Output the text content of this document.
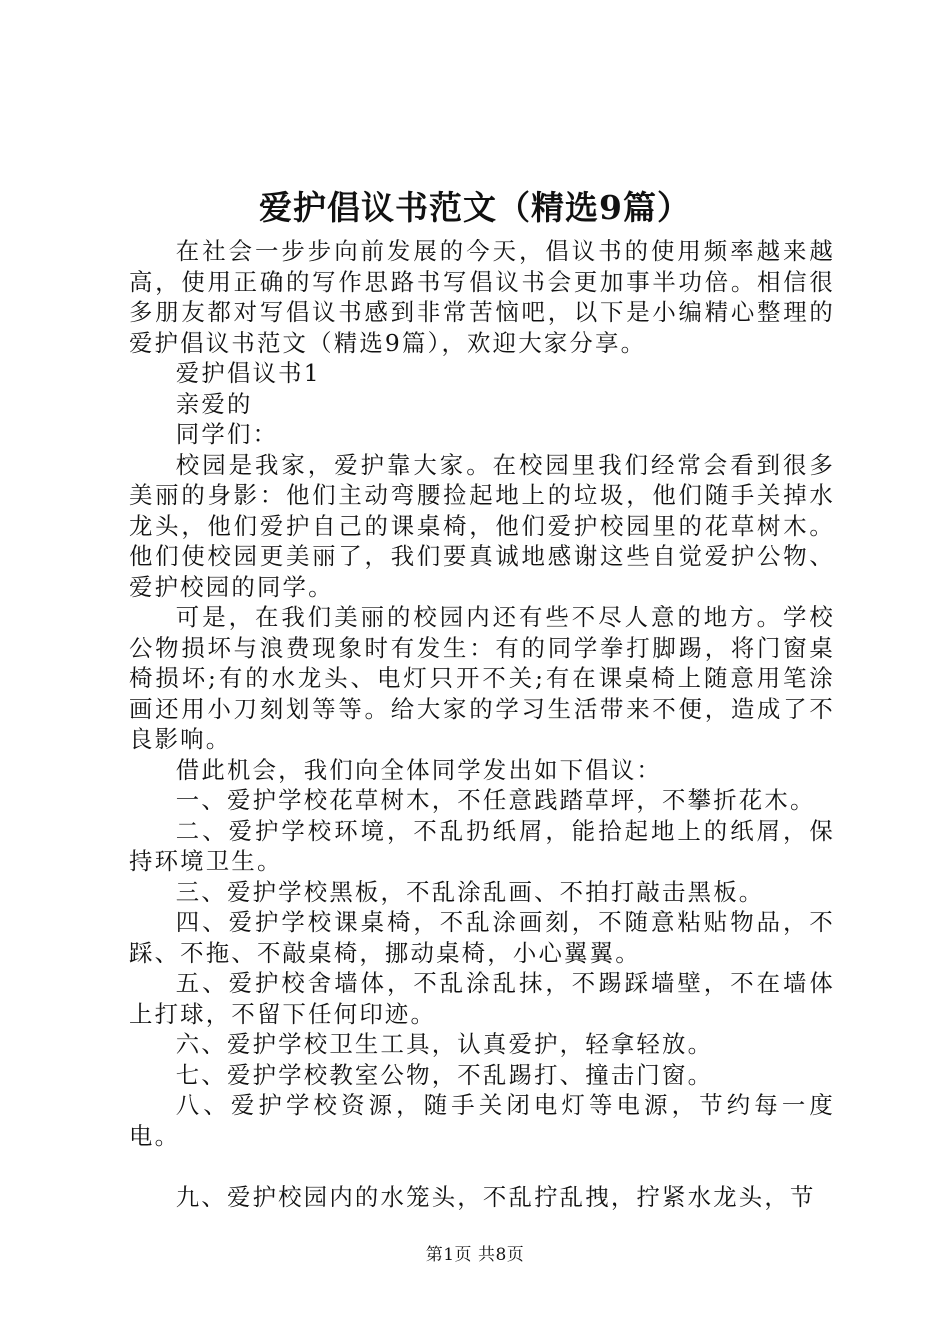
爱护倡议书范文（精选9篇）

在社会一步步向前发展的今天，倡议书的使用频率越来越高，使用正确的写作思路书写倡议书会更加事半功倍。相信很多朋友都对写倡议书感到非常苦恼吧，以下是小编精心整理的爱护倡议书范文（精选9篇），欢迎大家分享。

爱护倡议书1

亲爱的

同学们：

校园是我家，爱护靠大家。在校园里我们经常会看到很多美丽的身影：他们主动弯腰捡起地上的垃圾，他们随手关掉水龙头，他们爱护自己的课桌椅，他们爱护校园里的花草树木。他们使校园更美丽了，我们要真诚地感谢这些自觉爱护公物、爱护校园的同学。

可是，在我们美丽的校园内还有些不尽人意的地方。学校公物损坏与浪费现象时有发生：有的同学拳打脚踢，将门窗桌椅损坏;有的水龙头、电灯只开不关;有在课桌椅上随意用笔涂画还用小刀刻划等等。给大家的学习生活带来不便，造成了不良影响。

借此机会，我们向全体同学发出如下倡议：

一、爱护学校花草树木，不任意践踏草坪，不攀折花木。

二、爱护学校环境，不乱扔纸屑，能拾起地上的纸屑，保持环境卫生。

三、爱护学校黑板，不乱涂乱画、不拍打敲击黑板。

四、爱护学校课桌椅，不乱涂画刻，不随意粘贴物品，不踩、不拖、不敲桌椅，挪动桌椅，小心翼翼。

五、爱护校舍墙体，不乱涂乱抹，不踢踩墙壁，不在墙体上打球，不留下任何印迹。

六、爱护学校卫生工具，认真爱护，轻拿轻放。

七、爱护学校教室公物，不乱踢打、撞击门窗。

八、爱护学校资源，随手关闭电灯等电源，节约每一度电。

九、爱护校园内的水笼头，不乱拧乱拽，拧紧水龙头，节

第1页 共8页
